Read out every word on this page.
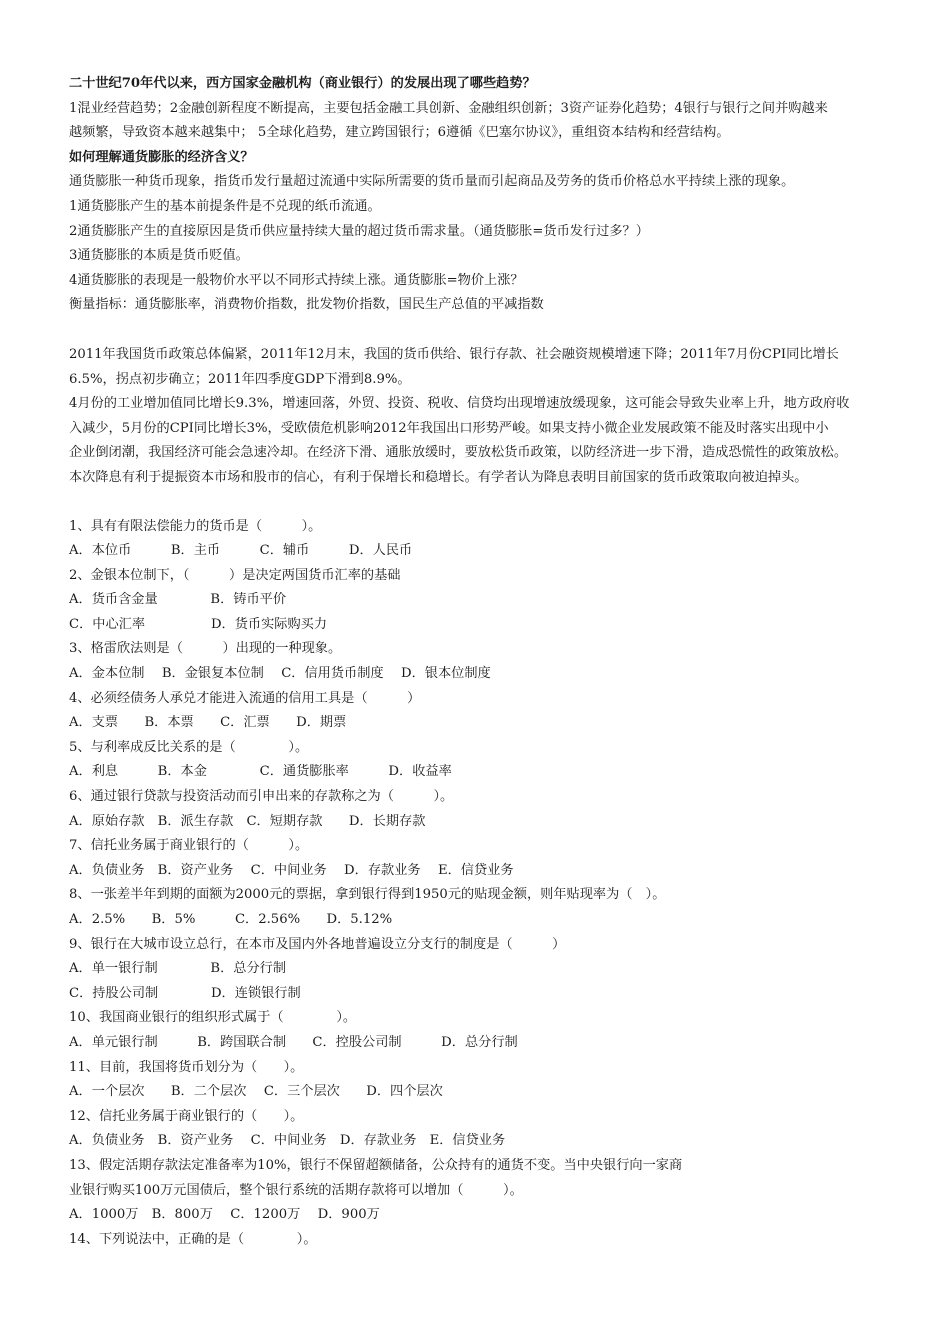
二十世纪70年代以来，西方国家金融机构（商业银行）的发展出现了哪些趋势？

1混业经营趋势；2金融创新程度不断提高，主要包括金融工具创新、金融组织创新；3资产证券化趋势；4银行与银行之间并购越来

越频繁，导致资本越来越集中； 5全球化趋势，建立跨国银行；6遵循《巴塞尔协议》，重组资本结构和经营结构。

如何理解通货膨胀的经济含义？

通货膨胀一种货币现象，指货币发行量超过流通中实际所需要的货币量而引起商品及劳务的货币价格总水平持续上涨的现象。

1通货膨胀产生的基本前提条件是不兑现的纸币流通。

2通货膨胀产生的直接原因是货币供应量持续大量的超过货币需求量。（通货膨胀=货币发行过多？）

3通货膨胀的本质是货币贬值。

4通货膨胀的表现是一般物价水平以不同形式持续上涨。通货膨胀=物价上涨？

衡量指标：通货膨胀率，消费物价指数，批发物价指数，国民生产总值的平减指数

2011年我国货币政策总体偏紧，2011年12月末，我国的货币供给、银行存款、社会融资规模增速下降；2011年7月份CPI同比增长

6.5%，拐点初步确立；2011年四季度GDP下滑到8.9%。

4月份的工业增加值同比增长9.3%，增速回落，外贸、投资、税收、信贷均出现增速放缓现象，这可能会导致失业率上升，地方政府收

入减少，5月份的CPI同比增长3%，受欧债危机影响2012年我国出口形势严峻。如果支持小微企业发展政策不能及时落实出现中小

企业倒闭潮，我国经济可能会急速冷却。在经济下滑、通胀放缓时，要放松货币政策，以防经济进一步下滑，造成恐慌性的政策放松。

本次降息有利于提振资本市场和股市的信心，有利于保增长和稳增长。有学者认为降息表明目前国家的货币政策取向被迫掉头。

1、具有有限法偿能力的货币是（　　　）。

A．本位币　　　B．主币　　　C．辅币　　　D．人民币

2、金银本位制下，（　　　）是决定两国货币汇率的基础

A．货币含金量　　　　B．铸币平价

C．中心汇率　　　　　D．货币实际购买力

3、格雷欣法则是（　　　）出现的一种现象。

A．金本位制　 B．金银复本位制　 C．信用货币制度　 D．银本位制度

4、必须经债务人承兑才能进入流通的信用工具是（　　　）

A．支票　　B．本票　　C．汇票　　D．期票

5、与利率成反比关系的是（　　　　）。

A．利息　　　B．本金　　　　C．通货膨胀率　　　D．收益率

6、通过银行贷款与投资活动而引申出来的存款称之为（　　　）。

A．原始存款　B．派生存款　C．短期存款　　D．长期存款

7、信托业务属于商业银行的（　　　）。

A．负债业务　B．资产业务　 C．中间业务　 D．存款业务　 E．信贷业务

8、一张差半年到期的面额为2000元的票据，拿到银行得到1950元的贴现金额，则年贴现率为（　）。

A．2.5%　　B．5%　　　C．2.56%　　D．5.12%

9、银行在大城市设立总行，在本市及国内外各地普遍设立分支行的制度是（　　　）

A．单一银行制　　　　B．总分行制

C．持股公司制　　　　D．连锁银行制

10、我国商业银行的组织形式属于（　　　　）。

A．单元银行制　　　B．跨国联合制　　C．控股公司制　　　D．总分行制

11、目前，我国将货币划分为（　　）。

A．一个层次　　B．二个层次　 C．三个层次　　D．四个层次

12、信托业务属于商业银行的（　　）。

A．负债业务　B．资产业务　 C．中间业务　D．存款业务　E．信贷业务

13、假定活期存款法定准备率为10%，银行不保留超额储备，公众持有的通货不变。当中央银行向一家商

业银行购买100万元国债后，整个银行系统的活期存款将可以增加（　　　）。

A．1000万　B．800万　 C．1200万　 D．900万

14、下列说法中，正确的是（　　　　）。
